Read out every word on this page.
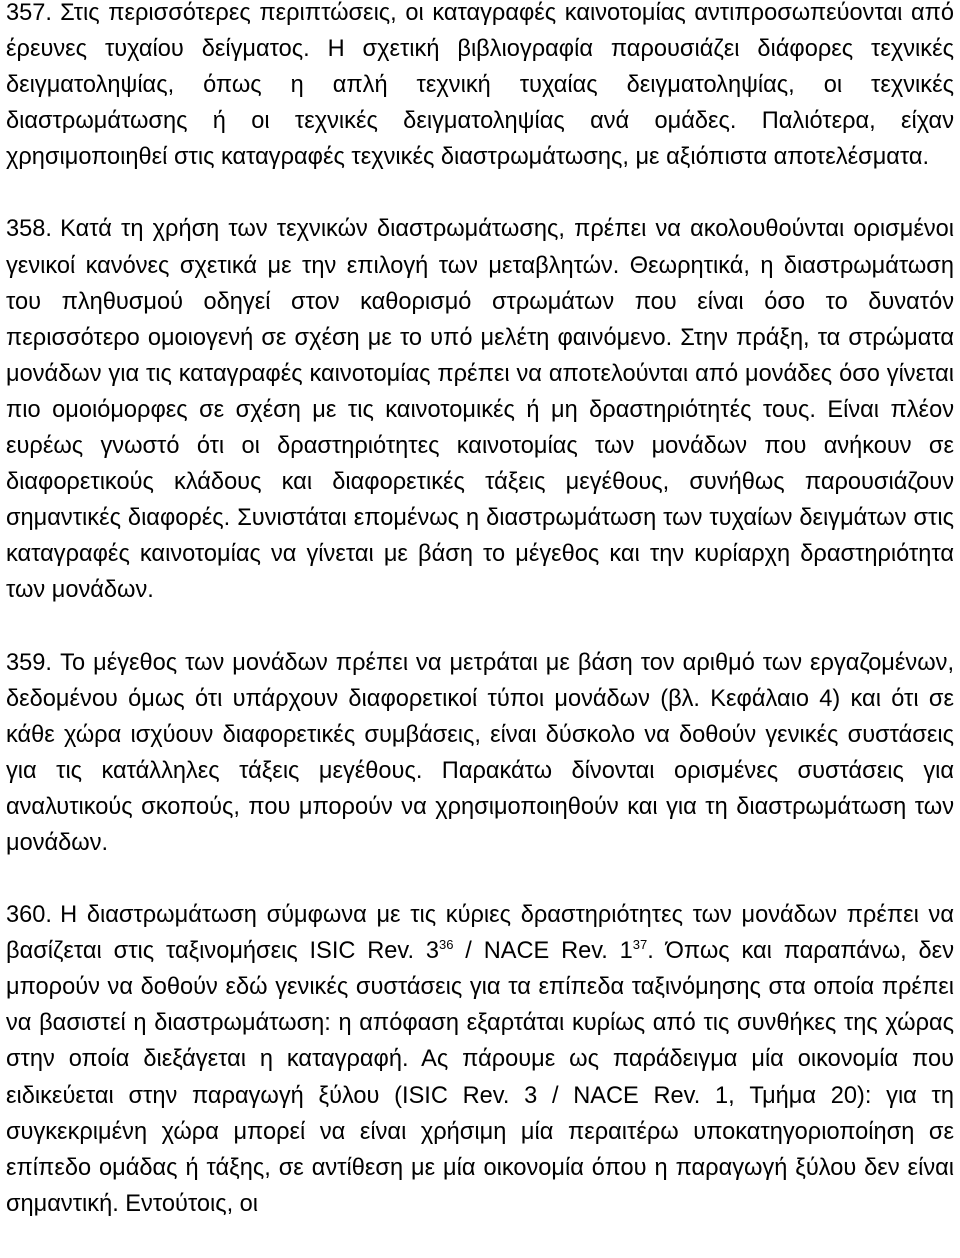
357. Στις περισσότερες περιπτώσεις, οι καταγραφές καινοτομίας αντιπροσωπεύονται από έρευνες τυχαίου δείγματος. Η σχετική βιβλιογραφία παρουσιάζει διάφορες τεχνικές δειγματοληψίας, όπως η απλή τεχνική τυχαίας δειγματοληψίας, οι τεχνικές διαστρωμάτωσης ή οι τεχνικές δειγματοληψίας ανά ομάδες. Παλιότερα, είχαν χρησιμοποιηθεί στις καταγραφές τεχνικές διαστρωμάτωσης, με αξιόπιστα αποτελέσματα.

358. Κατά τη χρήση των τεχνικών διαστρωμάτωσης, πρέπει να ακολουθούνται ορισμένοι γενικοί κανόνες σχετικά με την επιλογή των μεταβλητών. Θεωρητικά, η διαστρωμάτωση του πληθυσμού οδηγεί στον καθορισμό στρωμάτων που είναι όσο το δυνατόν περισσότερο ομοιογενή σε σχέση με το υπό μελέτη φαινόμενο. Στην πράξη, τα στρώματα μονάδων για τις καταγραφές καινοτομίας πρέπει να αποτελούνται από μονάδες όσο γίνεται πιο ομοιόμορφες σε σχέση με τις καινοτομικές ή μη δραστηριότητές τους. Είναι πλέον ευρέως γνωστό ότι οι δραστηριότητες καινοτομίας των μονάδων που ανήκουν σε διαφορετικούς κλάδους και διαφορετικές τάξεις μεγέθους, συνήθως παρουσιάζουν σημαντικές διαφορές. Συνιστάται επομένως η διαστρωμάτωση των τυχαίων δειγμάτων στις καταγραφές καινοτομίας να γίνεται με βάση το μέγεθος και την κυρίαρχη δραστηριότητα των μονάδων.

359. Το μέγεθος των μονάδων πρέπει να μετράται με βάση τον αριθμό των εργαζομένων, δεδομένου όμως ότι υπάρχουν διαφορετικοί τύποι μονάδων (βλ. Κεφάλαιο 4) και ότι σε κάθε χώρα ισχύουν διαφορετικές συμβάσεις, είναι δύσκολο να δοθούν γενικές συστάσεις για τις κατάλληλες τάξεις μεγέθους. Παρακάτω δίνονται ορισμένες συστάσεις για αναλυτικούς σκοπούς, που μπορούν να χρησιμοποιηθούν και για τη διαστρωμάτωση των μονάδων.

360. Η διαστρωμάτωση σύμφωνα με τις κύριες δραστηριότητες των μονάδων πρέπει να βασίζεται στις ταξινομήσεις ISIC Rev. $3^{36}$ / NACE Rev. $1^{37}$. Όπως και παραπάνω, δεν μπορούν να δοθούν εδώ γενικές συστάσεις για τα επίπεδα ταξινόμησης στα οποία πρέπει να βασιστεί η διαστρωμάτωση: η απόφαση εξαρτάται κυρίως από τις συνθήκες της χώρας στην οποία διεξάγεται η καταγραφή. Ας πάρουμε ως παράδειγμα μία οικονομία που ειδικεύεται στην παραγωγή ξύλου (ISIC Rev. 3 / NACE Rev. 1, Τμήμα 20): για τη συγκεκριμένη χώρα μπορεί να είναι χρήσιμη μία περαιτέρω υποκατηγοριοποίηση σε επίπεδο ομάδας ή τάξης, σε αντίθεση με μία οικονομία όπου η παραγωγή ξύλου δεν είναι σημαντική. Εντούτοις, οι
